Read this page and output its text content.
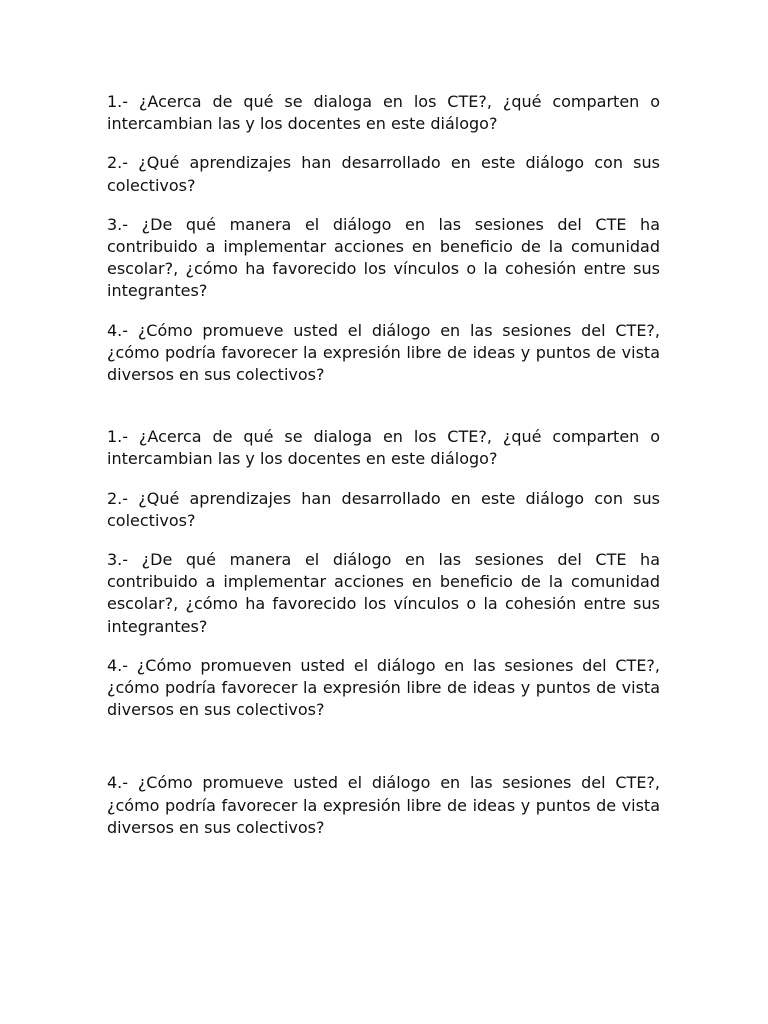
1.- ¿Acerca de qué se dialoga en los CTE?, ¿qué comparten o intercambian las y los docentes en este diálogo?

2.- ¿Qué aprendizajes han desarrollado en este diálogo con sus colectivos?

3.- ¿De qué manera el diálogo en las sesiones del CTE ha contribuido a implementar acciones en beneficio de la comunidad escolar?, ¿cómo ha favorecido los vínculos o la cohesión entre sus integrantes?

4.- ¿Cómo promueve usted el diálogo en las sesiones del CTE?, ¿cómo podría favorecer la expresión libre de ideas y puntos de vista diversos en sus colectivos?

1.- ¿Acerca de qué se dialoga en los CTE?, ¿qué comparten o intercambian las y los docentes en este diálogo?

2.- ¿Qué aprendizajes han desarrollado en este diálogo con sus colectivos?

3.- ¿De qué manera el diálogo en las sesiones del CTE ha contribuido a implementar acciones en beneficio de la comunidad escolar?, ¿cómo ha favorecido los vínculos o la cohesión entre sus integrantes?

4.- ¿Cómo promueven usted el diálogo en las sesiones del CTE?, ¿cómo podría favorecer la expresión libre de ideas y puntos de vista diversos en sus colectivos?

4.- ¿Cómo promueve usted el diálogo en las sesiones del CTE?, ¿cómo podría favorecer la expresión libre de ideas y puntos de vista diversos en sus colectivos?
